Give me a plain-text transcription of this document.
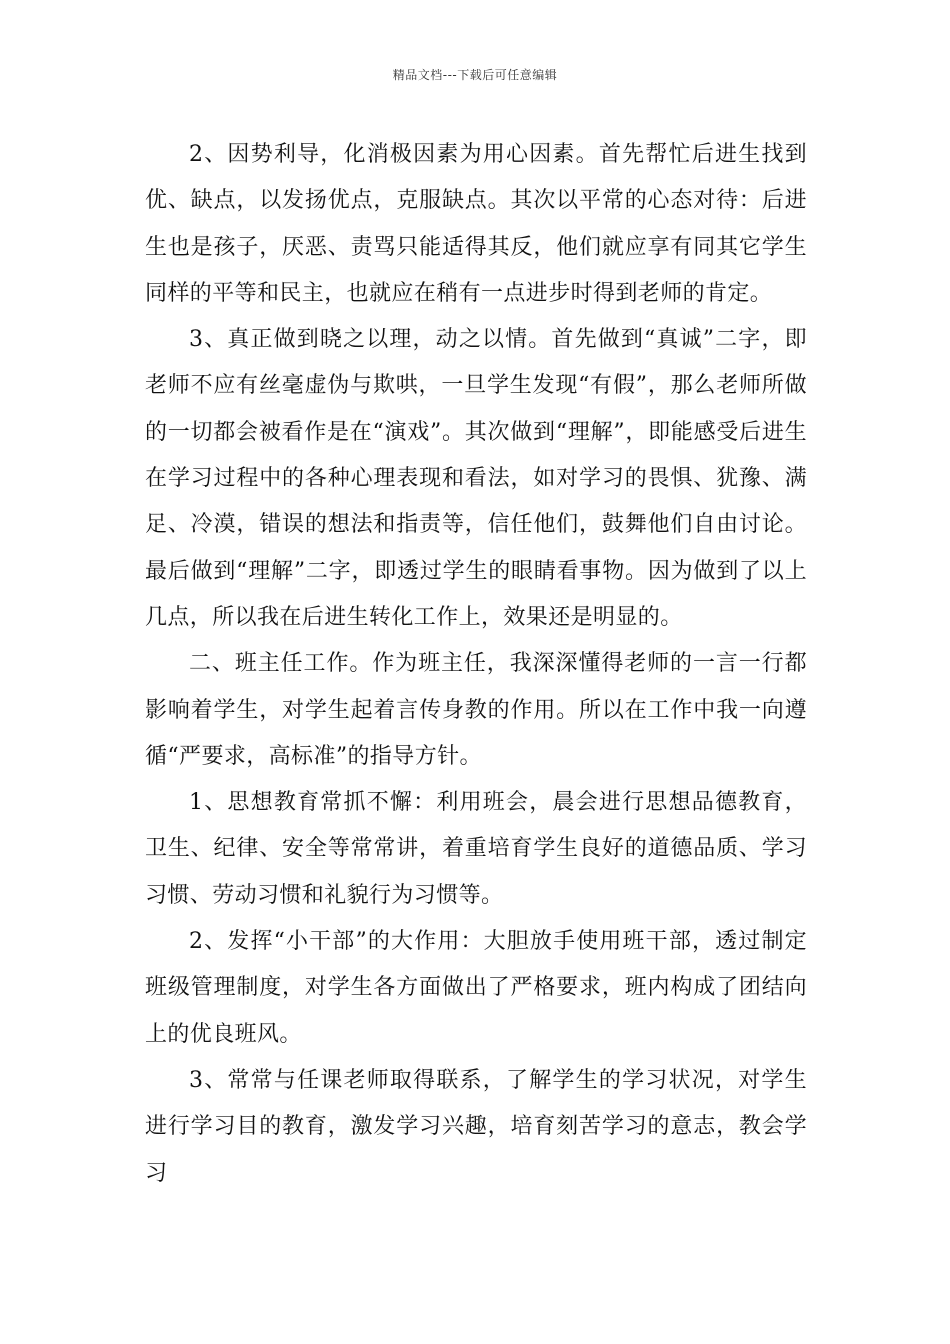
精品文档---下载后可任意编辑

2、因势利导，化消极因素为用心因素。首先帮忙后进生找到优、缺点，以发扬优点，克服缺点。其次以平常的心态对待：后进生也是孩子，厌恶、责骂只能适得其反，他们就应享有同其它学生同样的平等和民主，也就应在稍有一点进步时得到老师的肯定。

3、真正做到晓之以理，动之以情。首先做到“真诚”二字，即老师不应有丝毫虚伪与欺哄，一旦学生发现“有假”，那么老师所做的一切都会被看作是在“演戏”。其次做到“理解”，即能感受后进生在学习过程中的各种心理表现和看法，如对学习的畏惧、犹豫、满足、冷漠，错误的想法和指责等，信任他们，鼓舞他们自由讨论。最后做到“理解”二字，即透过学生的眼睛看事物。因为做到了以上几点，所以我在后进生转化工作上，效果还是明显的。

二、班主任工作。作为班主任，我深深懂得老师的一言一行都影响着学生，对学生起着言传身教的作用。所以在工作中我一向遵循“严要求，高标准”的指导方针。

1、思想教育常抓不懈：利用班会，晨会进行思想品德教育，卫生、纪律、安全等常常讲，着重培育学生良好的道德品质、学习习惯、劳动习惯和礼貌行为习惯等。

2、发挥“小干部”的大作用：大胆放手使用班干部，透过制定班级管理制度，对学生各方面做出了严格要求，班内构成了团结向上的优良班风。

3、常常与任课老师取得联系，了解学生的学习状况，对学生进行学习目的教育，激发学习兴趣，培育刻苦学习的意志，教会学习
